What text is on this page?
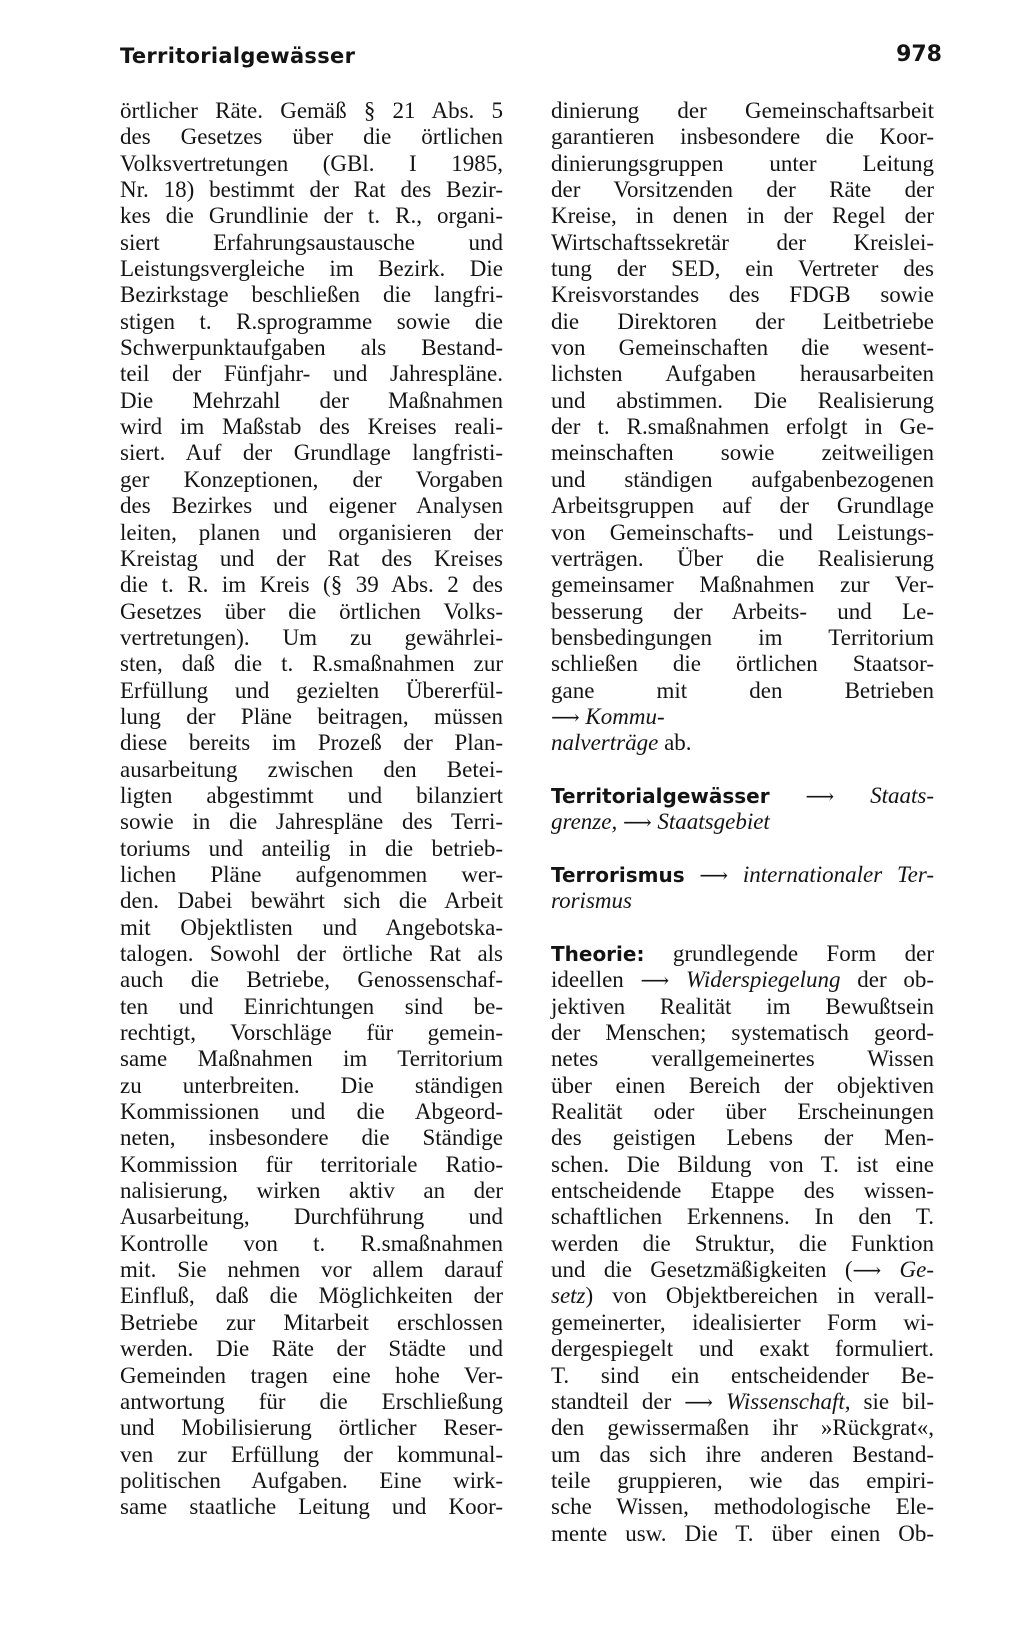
Territorialgewässer	978
örtlicher Räte. Gemäß § 21 Abs. 5
des Gesetzes über die örtlichen
Volksvertretungen (GBl. I 1985,
Nr. 18) bestimmt der Rat des Bezir-
kes die Grundlinie der t. R., organi-
siert Erfahrungsaustausche und
Leistungsvergleiche im Bezirk. Die
Bezirkstage beschließen die langfri-
stigen t. R.sprogramme sowie die
Schwerpunktaufgaben als Bestand-
teil der Fünfjahr- und Jahrespläne.
Die Mehrzahl der Maßnahmen
wird im Maßstab des Kreises reali-
siert. Auf der Grundlage langfristi-
ger Konzeptionen, der Vorgaben
des Bezirkes und eigener Analysen
leiten, planen und organisieren der
Kreistag und der Rat des Kreises
die t. R. im Kreis (§ 39 Abs. 2 des
Gesetzes über die örtlichen Volks-
vertretungen). Um zu gewährlei-
sten, daß die t. R.smaßnahmen zur
Erfüllung und gezielten Übererfül-
lung der Pläne beitragen, müssen
diese bereits im Prozeß der Plan-
ausarbeitung zwischen den Betei-
ligten abgestimmt und bilanziert
sowie in die Jahrespläne des Terri-
toriums und anteilig in die betrieb-
lichen Pläne aufgenommen wer-
den. Dabei bewährt sich die Arbeit
mit Objektlisten und Angebotska-
talogen. Sowohl der örtliche Rat als
auch die Betriebe, Genossenschaf-
ten und Einrichtungen sind be-
rechtigt, Vorschläge für gemein-
same Maßnahmen im Territorium
zu unterbreiten. Die ständigen
Kommissionen und die Abgeord-
neten, insbesondere die Ständige
Kommission für territoriale Ratio-
nalisierung, wirken aktiv an der
Ausarbeitung, Durchführung und
Kontrolle von t. R.smaßnahmen
mit. Sie nehmen vor allem darauf
Einfluß, daß die Möglichkeiten der
Betriebe zur Mitarbeit erschlossen
werden. Die Räte der Städte und
Gemeinden tragen eine hohe Ver-
antwortung für die Erschließung
und Mobilisierung örtlicher Reser-
ven zur Erfüllung der kommunal-
politischen Aufgaben. Eine wirk-
same staatliche Leitung und Koor-
dinierung der Gemeinschaftsarbeit
garantieren insbesondere die Koor-
dinierungsgruppen unter Leitung
der Vorsitzenden der Räte der
Kreise, in denen in der Regel der
Wirtschaftssekretär der Kreislei-
tung der SED, ein Vertreter des
Kreisvorstandes des FDGB sowie
die Direktoren der Leitbetriebe
von Gemeinschaften die wesent-
lichsten Aufgaben herausarbeiten
und abstimmen. Die Realisierung
der t. R.smaßnahmen erfolgt in Ge-
meinschaften sowie zeitweiligen
und ständigen aufgabenbezogenen
Arbeitsgruppen auf der Grundlage
von Gemeinschafts- und Leistungs-
verträgen. Über die Realisierung
gemeinsamer Maßnahmen zur Ver-
besserung der Arbeits- und Le-
bensbedingungen im Territorium
schließen die örtlichen Staatsor-
gane mit den Betrieben
⟶ Kommu-
nalverträge ab.
Territorialgewässer ⟶ Staats-
grenze, ⟶ Staatsgebiet
Terrorismus ⟶ internationaler Ter-
rorismus
Theorie: grundlegende Form der
ideellen ⟶ Widerspiegelung der ob-
jektiven Realität im Bewußtsein
der Menschen; systematisch geord-
netes verallgemeinertes Wissen
über einen Bereich der objektiven
Realität oder über Erscheinungen
des geistigen Lebens der Men-
schen. Die Bildung von T. ist eine
entscheidende Etappe des wissen-
schaftlichen Erkennens. In den T.
werden die Struktur, die Funktion
und die Gesetzmäßigkeiten (⟶ Ge-
setz) von Objektbereichen in verall-
gemeinerter, idealisierter Form wi-
dergespiegelt und exakt formuliert.
T. sind ein entscheidender Be-
standteil der ⟶ Wissenschaft, sie bil-
den gewissermaßen ihr »Rückgrat«,
um das sich ihre anderen Bestand-
teile gruppieren, wie das empiri-
sche Wissen, methodologische Ele-
mente usw. Die T. über einen Ob-
